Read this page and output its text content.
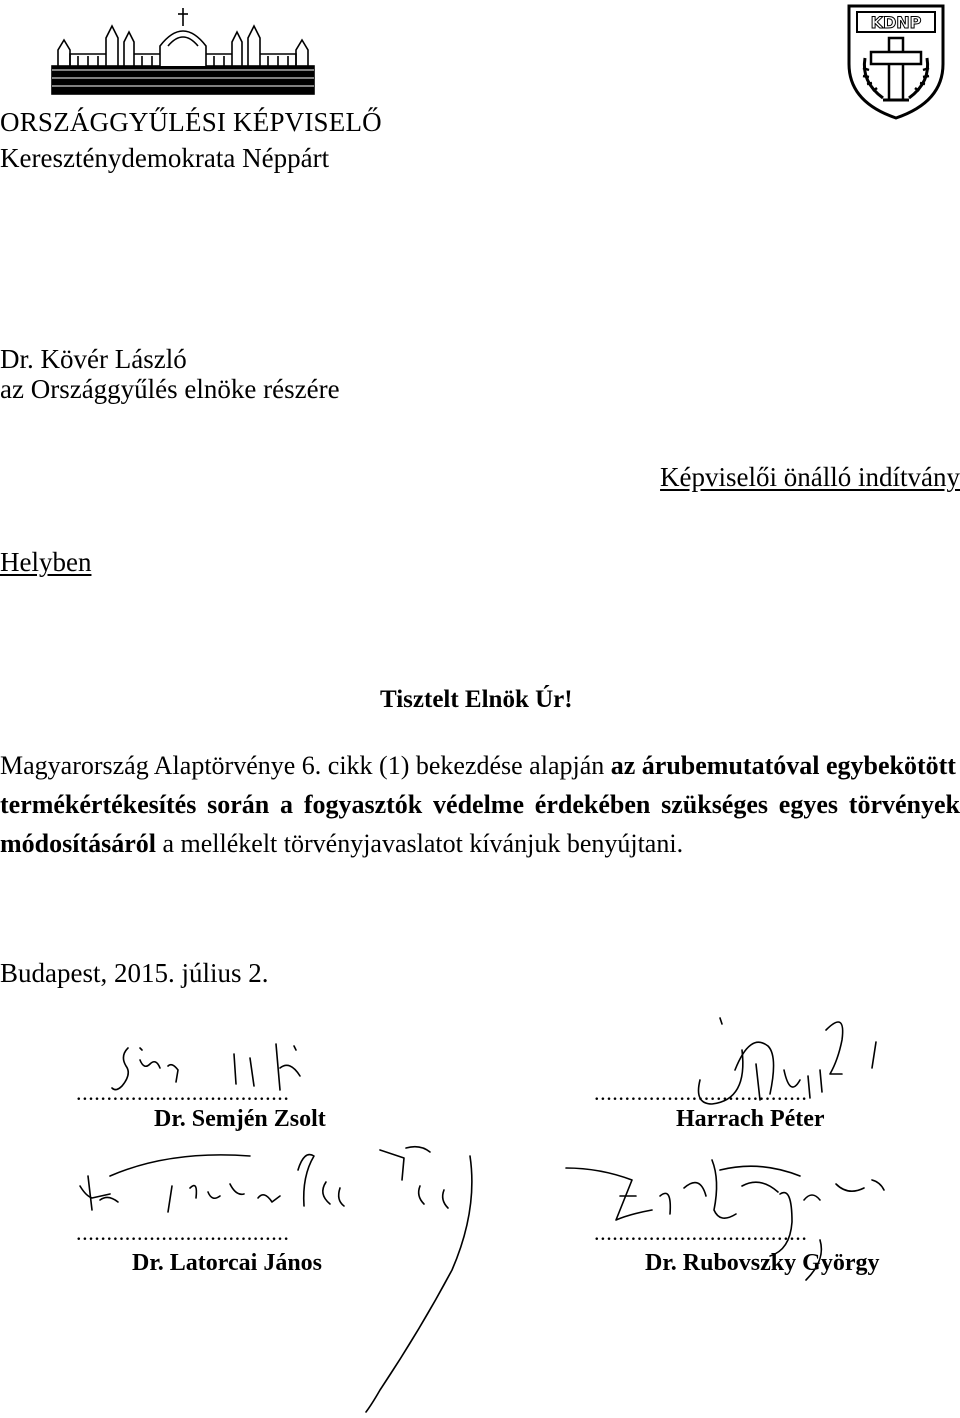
KDNP
ORSZÁGGYŰLÉSI KÉPVISELŐ
Kereszténydemokrata Néppárt
Dr. Kövér László
az Országgyűlés elnöke részére
Képviselői önálló indítvány
Helyben
Tisztelt Elnök Úr!
Magyarország Alaptörvénye 6. cikk (1) bekezdése alapján az árubemutatóval egybekötött
termékértékesítés során a fogyasztók védelme érdekében szükséges egyes törvények
módosításáról a mellékelt törvényjavaslatot kívánjuk benyújtani.
Budapest, 2015. július 2.
...................................
Dr. Semjén Zsolt
...................................
Harrach Péter
...................................
Dr. Latorcai János
...................................
Dr. Rubovszky György
